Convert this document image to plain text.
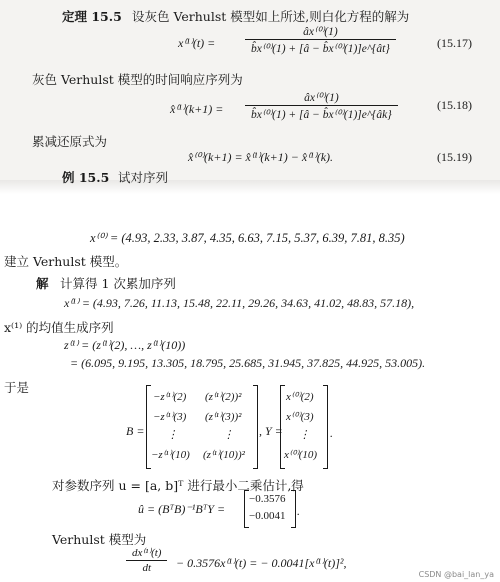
定理 15.5 设灰色 Verhulst 模型如上所述,则白化方程的解为
x⁽¹⁾(t) =
âx⁽⁰⁾(1)
b̂x⁽⁰⁾(1) + [â − b̂x⁽⁰⁾(1)]e^{ât}	(15.17)
灰色 Verhulst 模型的时间响应序列为
x̂⁽¹⁾(k+1) =
âx⁽⁰⁾(1)
b̂x⁽⁰⁾(1) + [â − b̂x⁽⁰⁾(1)]e^{âk}
(15.18)
累减还原式为
x̂⁽⁰⁾(k+1) = x̂⁽¹⁾(k+1) − x̂⁽¹⁾(k).	(15.19)
例 15.5 试对序列
x⁽⁰⁾ = (4.93, 2.33, 3.87, 4.35, 6.63, 7.15, 5.37, 6.39, 7.81, 8.35)
建立 Verhulst 模型。
解 计算得 1 次累加序列
x⁽¹⁾ = (4.93, 7.26, 11.13, 15.48, 22.11, 29.26, 34.63, 41.02, 48.83, 57.18),
x⁽¹⁾ 的均值生成序列
z⁽¹⁾ = (z⁽¹⁾(2), …, z⁽¹⁾(10))
= (6.095, 9.195, 13.305, 18.795, 25.685, 31.945, 37.825, 44.925, 53.005).
于是
B =
−z⁽¹⁾(2) (z⁽¹⁾(2))²
−z⁽¹⁾(3) (z⁽¹⁾(3))²
⋮	⋮
−z⁽¹⁾(10) (z⁽¹⁾(10))²
, Y =
x⁽⁰⁾(2)
x⁽⁰⁾(3)
⋮
x⁽⁰⁾(10)
.
对参数序列 u = [a, b]ᵀ 进行最小二乘估计,得
û = (BᵀB)⁻¹BᵀY =
−0.3576
−0.0041 .
Verhulst 模型为
dx⁽¹⁾(t)
dt	− 0.3576x⁽¹⁾(t) = − 0.0041[x⁽¹⁾(t)]²,
CSDN @bai_lan_ya
